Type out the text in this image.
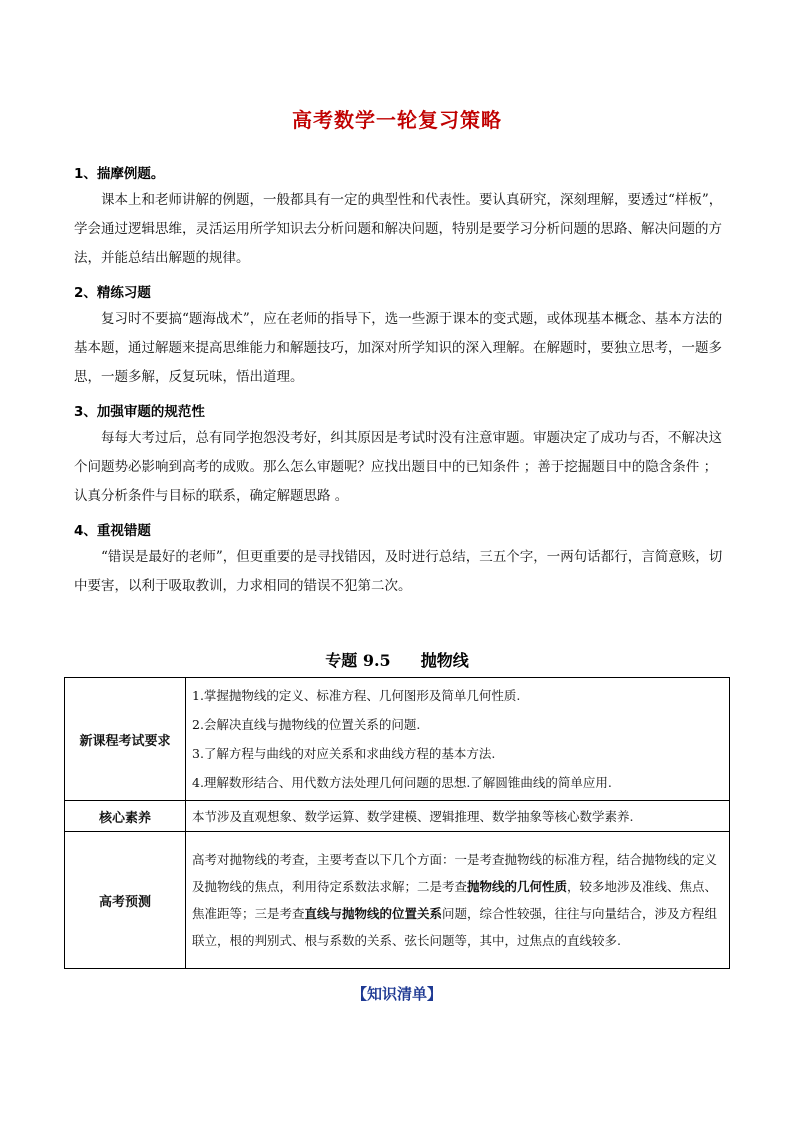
高考数学一轮复习策略
1、揣摩例题。
课本上和老师讲解的例题，一般都具有一定的典型性和代表性。要认真研究，深刻理解，要透过“样板”，学会通过逻辑思维，灵活运用所学知识去分析问题和解决问题，特别是要学习分析问题的思路、解决问题的方法，并能总结出解题的规律。
2、精练习题
复习时不要搞“题海战术”，应在老师的指导下，选一些源于课本的变式题，或体现基本概念、基本方法的基本题，通过解题来提高思维能力和解题技巧，加深对所学知识的深入理解。在解题时，要独立思考，一题多思，一题多解，反复玩味，悟出道理。
3、加强审题的规范性
每每大考过后，总有同学抱怨没考好，纠其原因是考试时没有注意审题。审题决定了成功与否，不解决这个问题势必影响到高考的成败。那么怎么审题呢？应找出题目中的已知条件 ；善于挖掘题目中的隐含条件 ；认真分析条件与目标的联系，确定解题思路 。
4、重视错题
“错误是最好的老师”，但更重要的是寻找错因，及时进行总结，三五个字，一两句话都行，言简意赅，切中要害，以利于吸取教训，力求相同的错误不犯第二次。
专题 9.5 抛物线
新课程考试要求	1.掌握抛物线的定义、标准方程、几何图形及简单几何性质.
2.会解决直线与抛物线的位置关系的问题.
3.了解方程与曲线的对应关系和求曲线方程的基本方法.
4.理解数形结合、用代数方法处理几何问题的思想.了解圆锥曲线的简单应用.

核心素养	本节涉及直观想象、数学运算、数学建模、逻辑推理、数学抽象等核心数学素养.
高考预测	高考对抛物线的考查，主要考查以下几个方面：一是考查抛物线的标准方程，结合抛物线的定义及抛物线的焦点，利用待定系数法求解；二是考查抛物线的几何性质，较多地涉及准线、焦点、焦准距等；三是考查直线与抛物线的位置关系问题，综合性较强，往往与向量结合，涉及方程组联立，根的判别式、根与系数的关系、弦长问题等，其中，过焦点的直线较多.
【知识清单】
